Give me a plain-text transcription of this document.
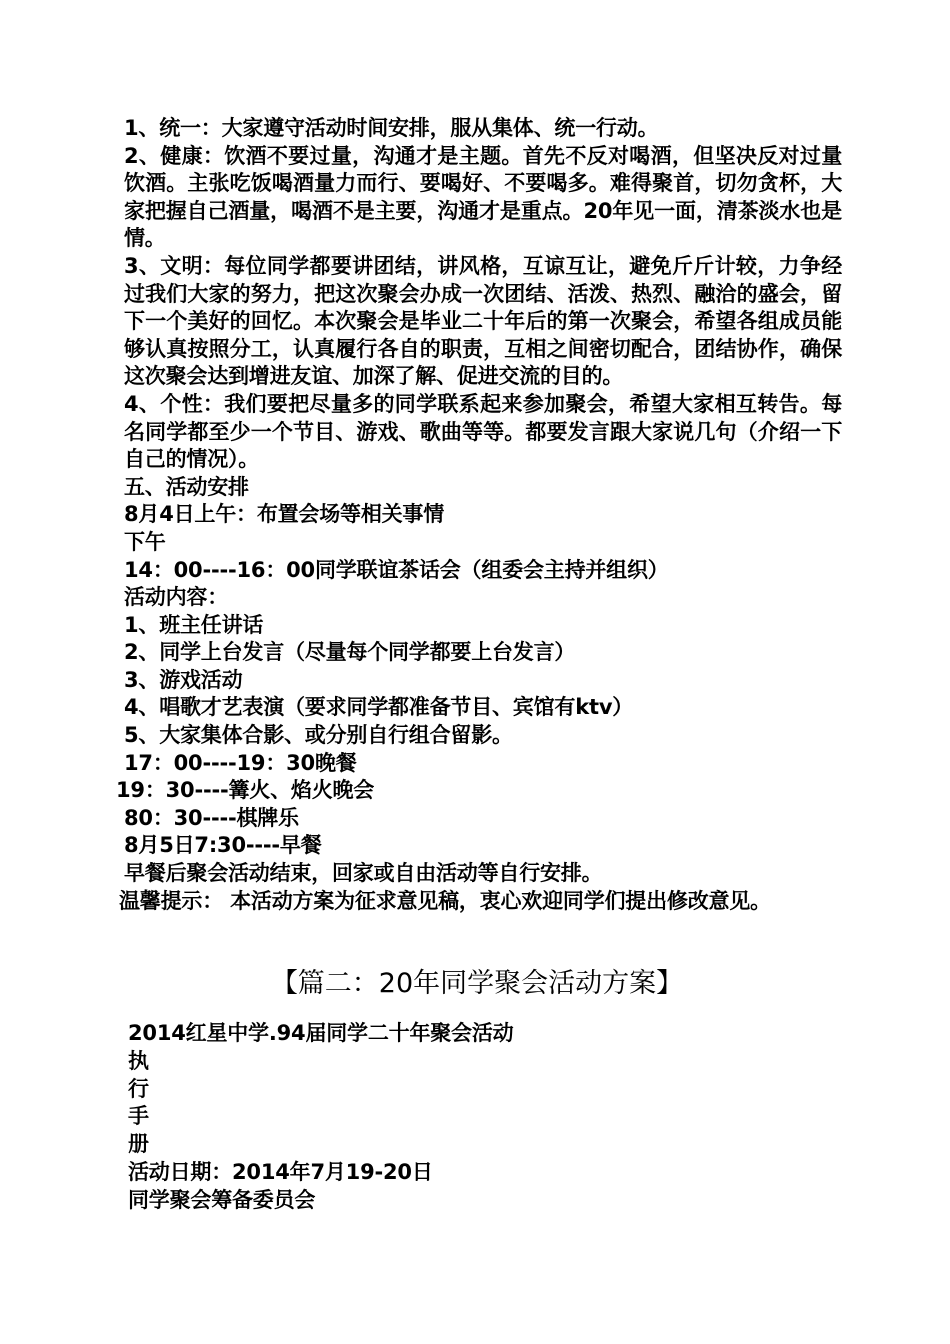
1、统一：大家遵守活动时间安排，服从集体、统一行动。
2、健康：饮酒不要过量，沟通才是主题。首先不反对喝酒，但坚决反对过量饮酒。主张吃饭喝酒量力而行、要喝好、不要喝多。难得聚首，切勿贪杯，大家把握自己酒量，喝酒不是主要，沟通才是重点。20年见一面，清茶淡水也是情。
3、文明：每位同学都要讲团结，讲风格，互谅互让，避免斤斤计较，力争经过我们大家的努力，把这次聚会办成一次团结、活泼、热烈、融洽的盛会，留下一个美好的回忆。本次聚会是毕业二十年后的第一次聚会，希望各组成员能够认真按照分工，认真履行各自的职责，互相之间密切配合，团结协作，确保这次聚会达到增进友谊、加深了解、促进交流的目的。
4、个性：我们要把尽量多的同学联系起来参加聚会，希望大家相互转告。每名同学都至少一个节目、游戏、歌曲等等。都要发言跟大家说几句（介绍一下自己的情况）。
五、活动安排
8月4日上午：布置会场等相关事情
下午
14：00----16：00同学联谊茶话会（组委会主持并组织）
活动内容：
1、班主任讲话
2、同学上台发言（尽量每个同学都要上台发言）
3、游戏活动
4、唱歌才艺表演（要求同学都准备节目、宾馆有ktv）
5、大家集体合影、或分别自行组合留影。
17：00----19：30晚餐
19：30----篝火、焰火晚会
80：30----棋牌乐
8月5日7:30----早餐
早餐后聚会活动结束，回家或自由活动等自行安排。
温馨提示： 本活动方案为征求意见稿，衷心欢迎同学们提出修改意见。
【篇二：20年同学聚会活动方案】
2014红星中学.94届同学二十年聚会活动
执
行
手
册
活动日期：2014年7月19-20日
同学聚会筹备委员会
